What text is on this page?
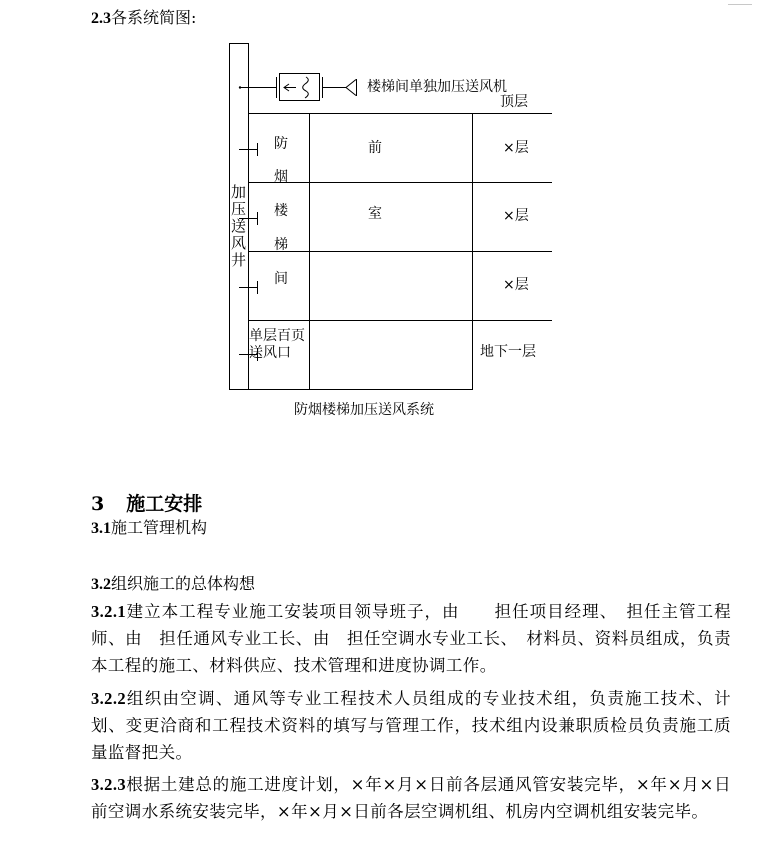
2.3各系统简图:
楼梯间单独加压送风机
顶层
加
压
送
风
井
防
烟
楼
梯
间
前
室
×层
×层
×层
地下一层
单层百页
送风口
防烟楼梯加压送风系统
3 施工安排
3.1施工管理机构
3.2组织施工的总体构想
3.2.1建立本工程专业施工安装项目领导班子，由　　担任项目经理、　担任主管工程师、由　担任通风专业工长、由　担任空调水专业工长、　材料员、资料员组成，负责本工程的施工、材料供应、技术管理和进度协调工作。
3.2.2组织由空调、通风等专业工程技术人员组成的专业技术组，负责施工技术、计划、变更洽商和工程技术资料的填写与管理工作，技术组内设兼职质检员负责施工质量监督把关。
3.2.3根据土建总的施工进度计划，×年×月×日前各层通风管安装完毕，×年×月×日前空调水系统安装完毕，×年×月×日前各层空调机组、机房内空调机组安装完毕。
